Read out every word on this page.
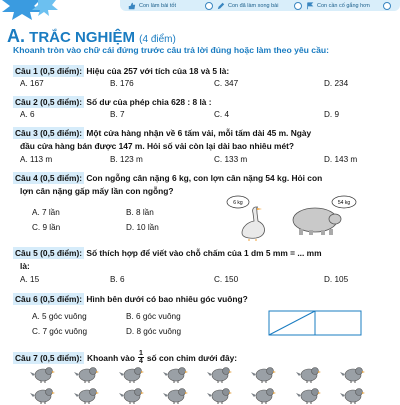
Con làm bài tốt	Con đã làm xong bài	Con cần cố gắng hơn
A. TRẮC NGHIỆM (4 điểm)
Khoanh tròn vào chữ cái đứng trước câu trả lời đúng hoặc làm theo yêu cầu:
Câu 1 (0,5 điểm): Hiệu của 257 với tích của 18 và 5 là:
A. 167	B. 176	C. 347	D. 234
Câu 2 (0,5 điểm): Số dư của phép chia 628 : 8 là :
A. 6	B. 7	C. 4	D. 9
Câu 3 (0,5 điểm): Một cửa hàng nhận về 6 tấm vải, mỗi tấm dài 45 m. Ngày
đầu cửa hàng bán được 147 m. Hỏi số vải còn lại dài bao nhiêu mét?
A. 113 m	B. 123 m	C. 133 m	D. 143 m
Câu 4 (0,5 điểm): Con ngỗng cân nặng 6 kg, con lợn cân nặng 54 kg. Hỏi con
lợn cân nặng gấp mấy lần con ngỗng?
A. 7 lần	B. 8 lần
C. 9 lần	D. 10 lần
6 kg	54 kg
Câu 5 (0,5 điểm): Số thích hợp để viết vào chỗ chấm của 1 dm 5 mm = ... mm
là:
A. 15	B. 6	C. 150	D. 105
Câu 6 (0,5 điểm): Hình bên dưới có bao nhiêu góc vuông?
A. 5 góc vuông	B. 6 góc vuông
C. 7 góc vuông	D. 8 góc vuông
Câu 7 (0,5 điểm): Khoanh vào $\frac{1}{4}$ số con chim dưới đây:
